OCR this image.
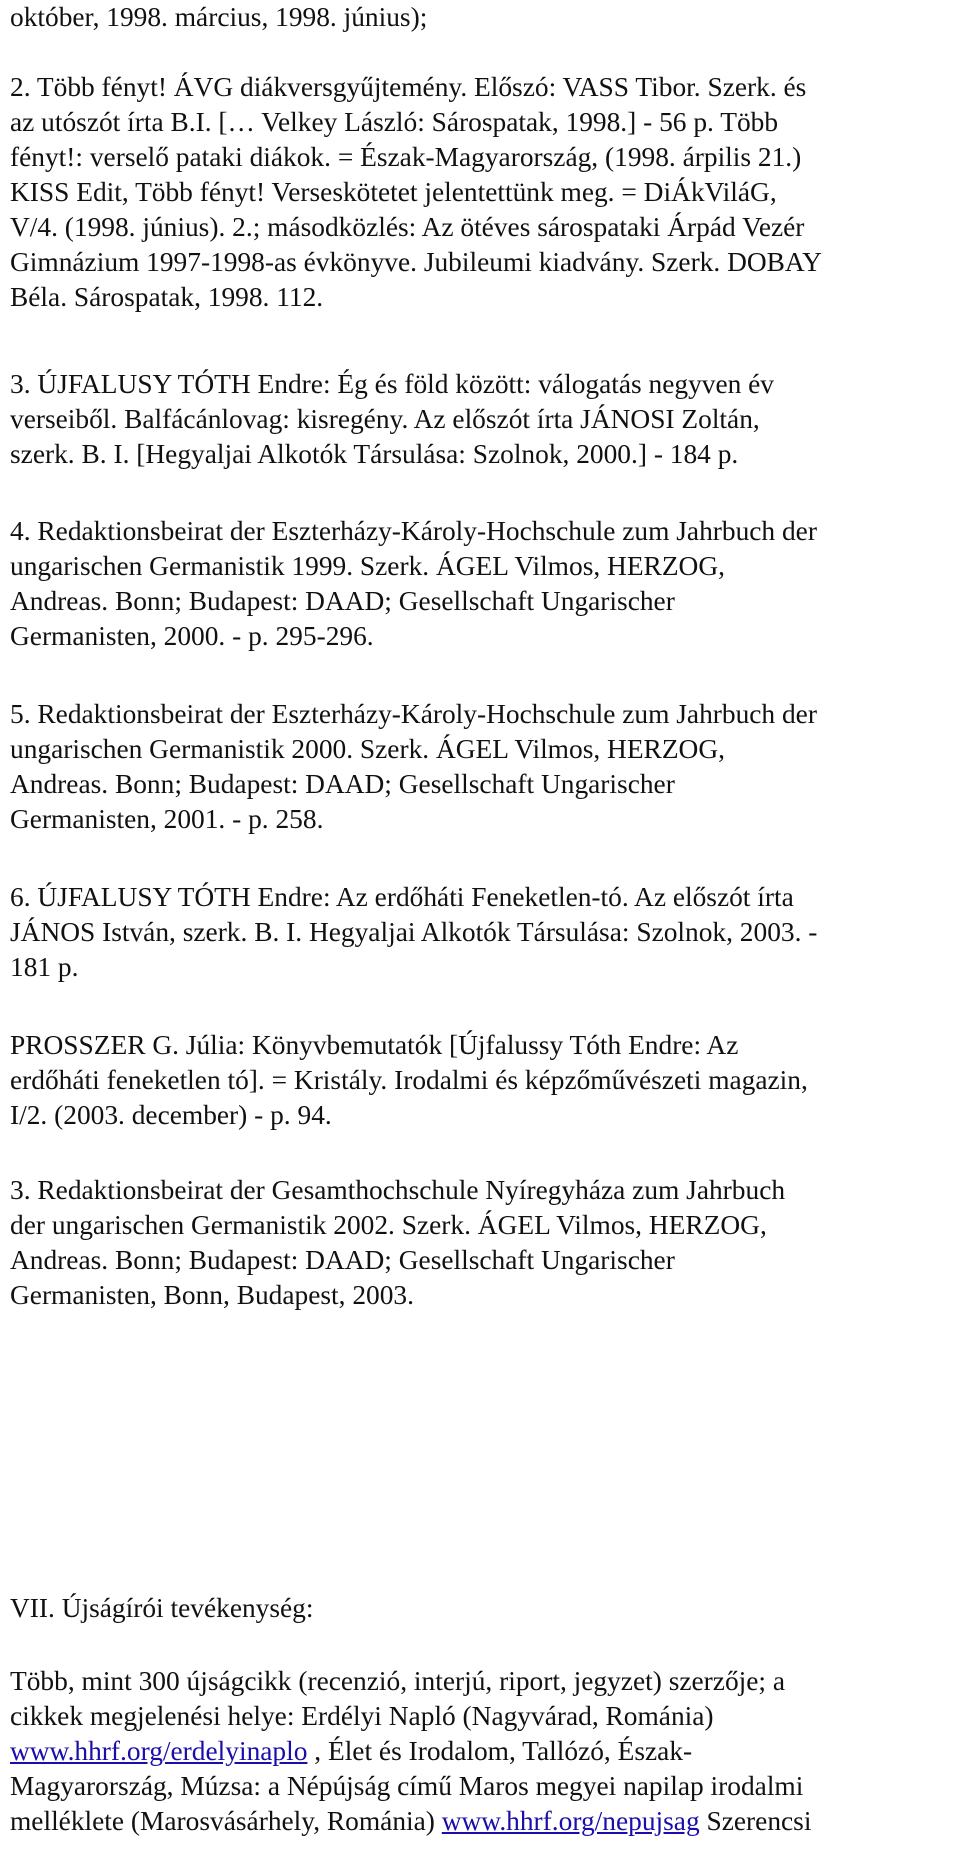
október, 1998. március, 1998. június);

2. Több fényt! ÁVG diákversgyűjtemény. Előszó: VASS Tibor. Szerk. és
az utószót írta B.I. [… Velkey László: Sárospatak, 1998.] - 56 p. Több
fényt!: verselő pataki diákok. = Észak-Magyarország, (1998. árpilis 21.)
KISS Edit, Több fényt! Verseskötetet jelentettünk meg. = DiÁkViláG,
V/4. (1998. június). 2.; másodközlés: Az ötéves sárospataki Árpád Vezér
Gimnázium 1997-1998-as évkönyve. Jubileumi kiadvány. Szerk. DOBAY
Béla. Sárospatak, 1998. 112.

3. ÚJFALUSY TÓTH Endre: Ég és föld között: válogatás negyven év
verseiből. Balfácánlovag: kisregény. Az előszót írta JÁNOSI Zoltán,
szerk. B. I. [Hegyaljai Alkotók Társulása: Szolnok, 2000.] - 184 p.

4. Redaktionsbeirat der Eszterházy-Károly-Hochschule zum Jahrbuch der
ungarischen Germanistik 1999. Szerk. ÁGEL Vilmos, HERZOG,
Andreas. Bonn; Budapest: DAAD; Gesellschaft Ungarischer
Germanisten, 2000. - p. 295-296.

5. Redaktionsbeirat der Eszterházy-Károly-Hochschule zum Jahrbuch der
ungarischen Germanistik 2000. Szerk. ÁGEL Vilmos, HERZOG,
Andreas. Bonn; Budapest: DAAD; Gesellschaft Ungarischer
Germanisten, 2001. - p. 258.

6. ÚJFALUSY TÓTH Endre: Az erdőháti Feneketlen-tó. Az előszót írta
JÁNOS István, szerk. B. I. Hegyaljai Alkotók Társulása: Szolnok, 2003. -
181 p.

PROSSZER G. Júlia: Könyvbemutatók [Újfalussy Tóth Endre: Az
erdőháti feneketlen tó]. = Kristály. Irodalmi és képzőművészeti magazin,
I/2. (2003. december) - p. 94.

3. Redaktionsbeirat der Gesamthochschule Nyíregyháza zum Jahrbuch
der ungarischen Germanistik 2002. Szerk. ÁGEL Vilmos, HERZOG,
Andreas. Bonn; Budapest: DAAD; Gesellschaft Ungarischer
Germanisten, Bonn, Budapest, 2003.

VII. Újságírói tevékenység:

Több, mint 300 újságcikk (recenzió, interjú, riport, jegyzet) szerzője; a
cikkek megjelenési helye: Erdélyi Napló (Nagyvárad, Románia)
www.hhrf.org/erdelyinaplo , Élet és Irodalom, Tallózó, Észak-
Magyarország, Múzsa: a Népújság című Maros megyei napilap irodalmi
melléklete (Marosvásárhely, Románia) www.hhrf.org/nepujsag Szerencsi
